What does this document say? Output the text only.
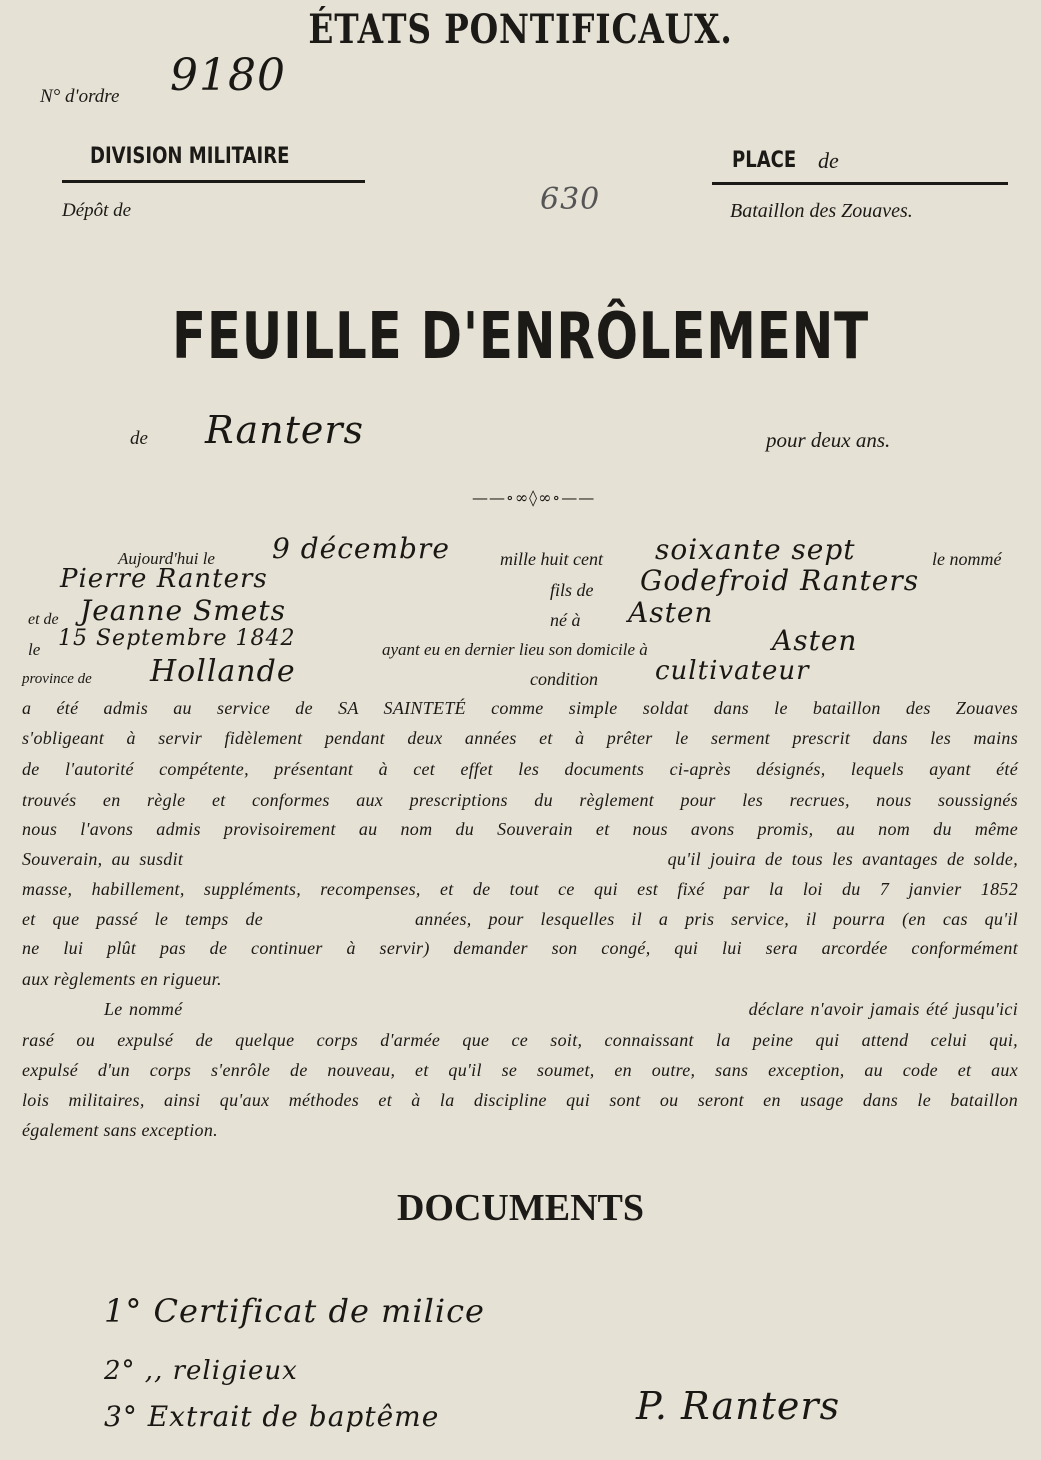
ÉTATS PONTIFICAUX.
N° d'ordre 9180
DIVISION MILITAIRE
Dépôt de	630
PLACE de
Bataillon des Zouaves.
FEUILLE D'ENRÔLEMENT
de Ranters	pour deux ans.
——∘∞◊∞∘——
Aujourd'hui le 9 décembre	mille huit cent soixante sept	le nommé
Pierre Ranters	fils de Godefroid Ranters
et de Jeanne Smets	né à Asten
le 15 Septembre 1842	ayant eu en dernier lieu son domicile à	Asten
province de Hollande	condition cultivateur
a été admis au service de SA SAINTETÉ comme simple soldat dans le bataillon des Zouaves
s'obligeant à servir fidèlement pendant deux années et à prêter le serment prescrit dans les mains
de l'autorité compétente, présentant à cet effet les documents ci-après désignés, lequels ayant été
trouvés en règle et conformes aux prescriptions du règlement pour les recrues, nous soussignés
nous l'avons admis provisoirement au nom du Souverain et nous avons promis, au nom du même
Souverain, au susdit                                                     qu'il jouira de tous les avantages de solde,
masse, habillement, suppléments, recompenses, et de tout ce qui est fixé par la loi du 7 janvier 1852
et que passé le temps de         années, pour lesquelles il a pris service, il pourra (en cas qu'il
ne lui plût pas de continuer à servir) demander son congé, qui lui sera arcordée conformément
aux règlements en rigueur.
Le nommé                                                                                        déclare n'avoir jamais été jusqu'ici
rasé ou expulsé de quelque corps d'armée que ce soit, connaissant la peine qui attend celui qui,
expulsé d'un corps s'enrôle de nouveau, et qu'il se soumet, en outre, sans exception, au code et aux
lois militaires, ainsi qu'aux méthodes et à la discipline qui sont ou seront en usage dans le bataillon
également sans exception.
DOCUMENTS
1° Certificat de milice
2° ,, religieux
3° Extrait de baptême	P. Ranters
